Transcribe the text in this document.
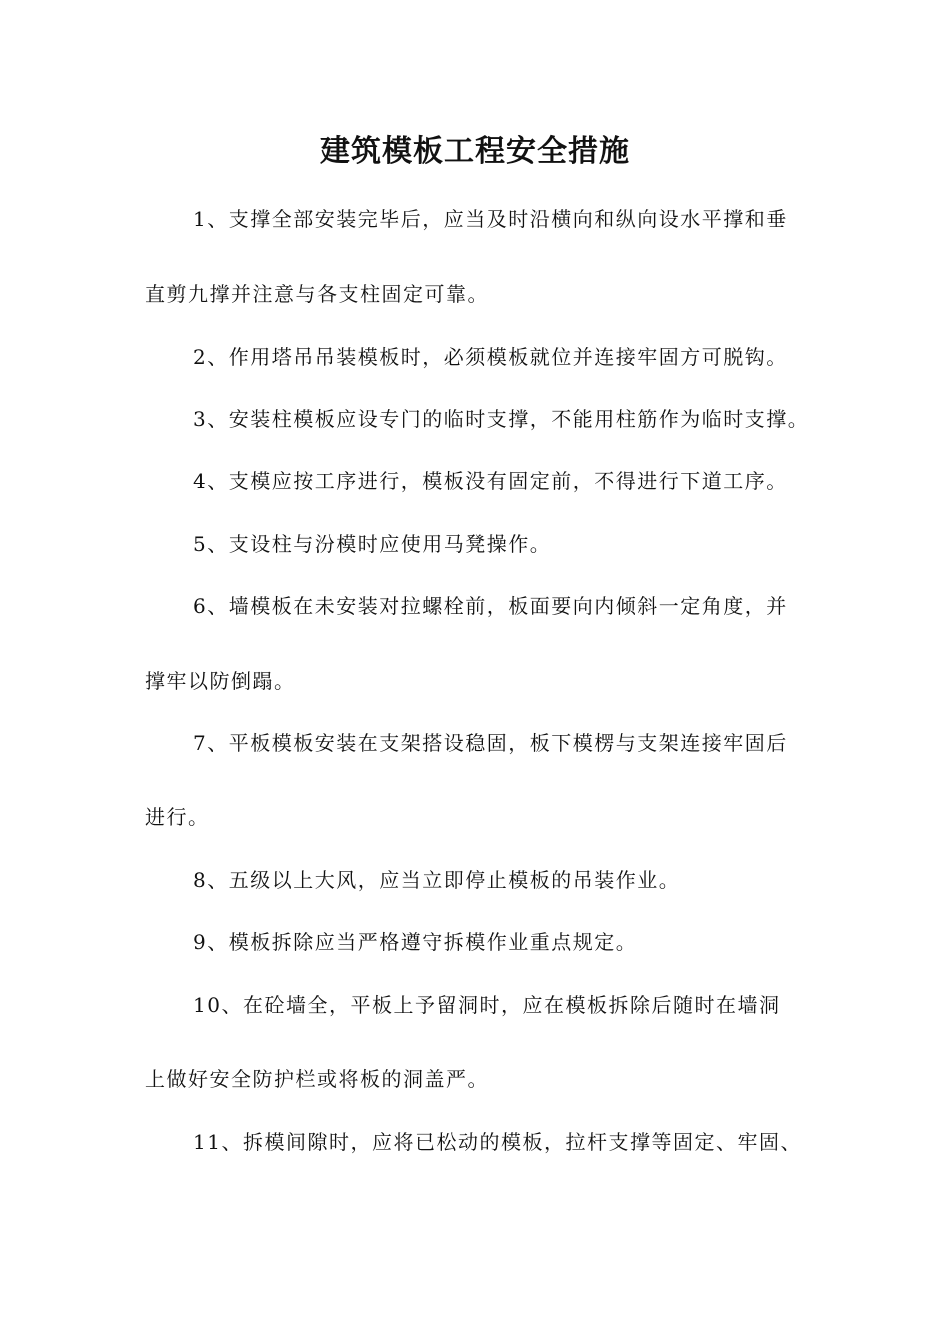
建筑模板工程安全措施

1、支撑全部安装完毕后，应当及时沿横向和纵向设水平撑和垂

直剪九撑并注意与各支柱固定可靠。

2、作用塔吊吊装模板时，必须模板就位并连接牢固方可脱钩。

3、安装柱模板应设专门的临时支撑，不能用柱筋作为临时支撑。

4、支模应按工序进行，模板没有固定前，不得进行下道工序。

5、支设柱与汾模时应使用马凳操作。

6、墙模板在未安装对拉螺栓前，板面要向内倾斜一定角度，并

撑牢以防倒蹋。

7、平板模板安装在支架搭设稳固，板下模楞与支架连接牢固后

进行。

8、五级以上大风，应当立即停止模板的吊装作业。

9、模板拆除应当严格遵守拆模作业重点规定。

10、在砼墙全，平板上予留洞时，应在模板拆除后随时在墙洞

上做好安全防护栏或将板的洞盖严。

11、拆模间隙时，应将已松动的模板，拉杆支撑等固定、牢固、
